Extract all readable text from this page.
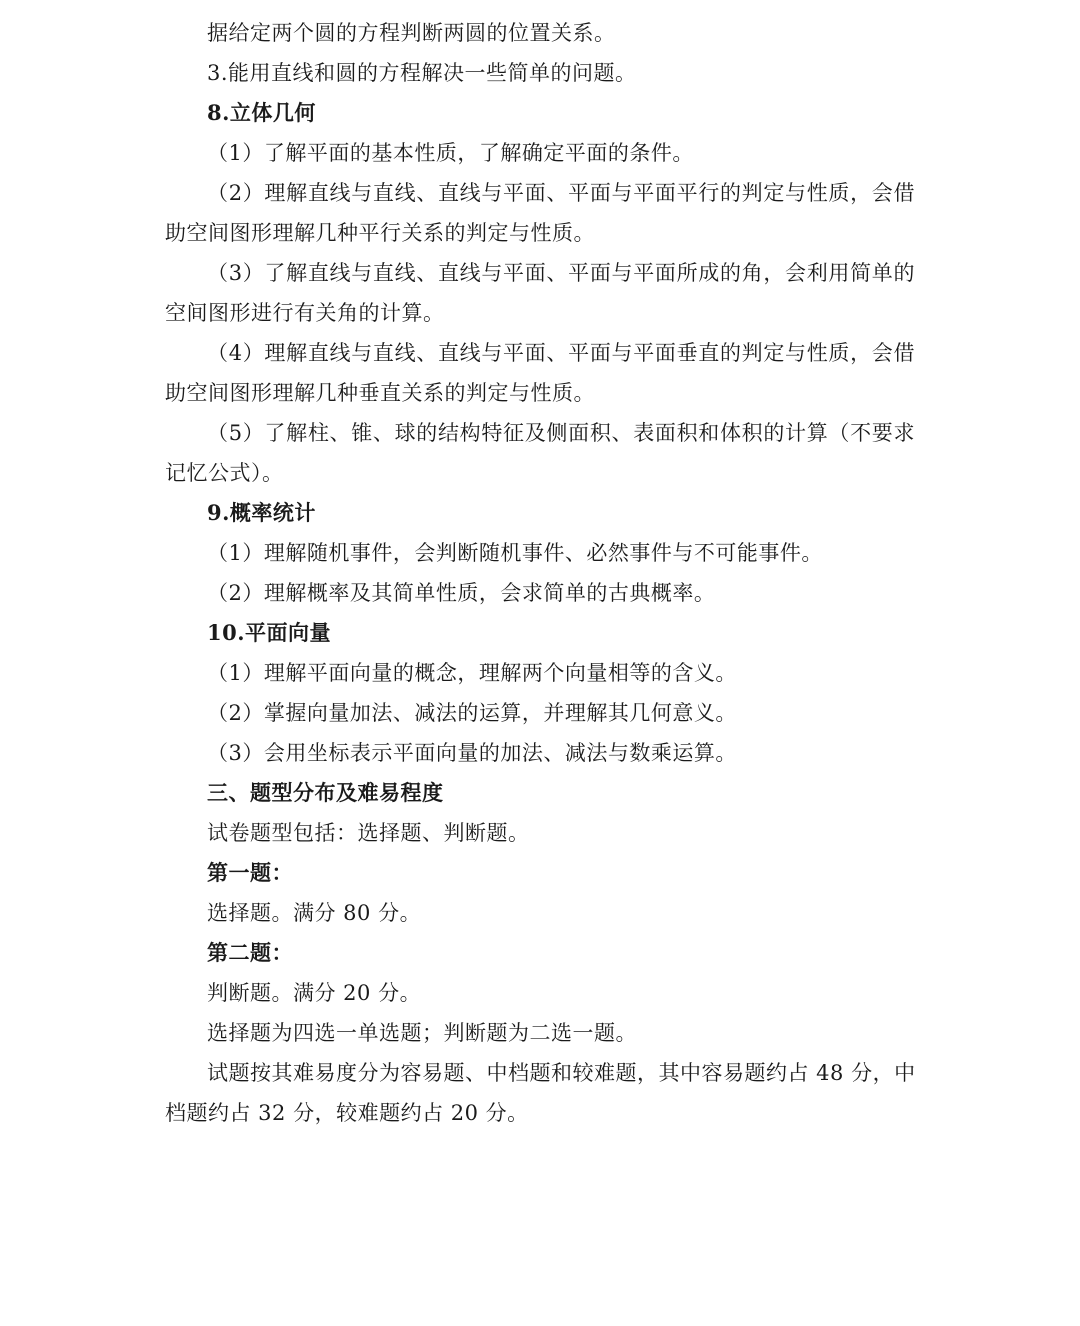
据给定两个圆的方程判断两圆的位置关系。
3.能用直线和圆的方程解决一些简单的问题。
8.立体几何
（1）了解平面的基本性质，了解确定平面的条件。
（2）理解直线与直线、直线与平面、平面与平面平行的判定与性质，会借
助空间图形理解几种平行关系的判定与性质。
（3）了解直线与直线、直线与平面、平面与平面所成的角，会利用简单的
空间图形进行有关角的计算。
（4）理解直线与直线、直线与平面、平面与平面垂直的判定与性质，会借
助空间图形理解几种垂直关系的判定与性质。
（5）了解柱、锥、球的结构特征及侧面积、表面积和体积的计算（不要求
记忆公式）。
9.概率统计
（1）理解随机事件，会判断随机事件、必然事件与不可能事件。
（2）理解概率及其简单性质，会求简单的古典概率。
10.平面向量
（1）理解平面向量的概念，理解两个向量相等的含义。
（2）掌握向量加法、减法的运算，并理解其几何意义。
（3）会用坐标表示平面向量的加法、减法与数乘运算。
三、题型分布及难易程度
试卷题型包括：选择题、判断题。
第一题：
选择题。满分 80 分。
第二题：
判断题。满分 20 分。
选择题为四选一单选题；判断题为二选一题。
试题按其难易度分为容易题、中档题和较难题，其中容易题约占 48 分，中
档题约占 32 分，较难题约占 20 分。
